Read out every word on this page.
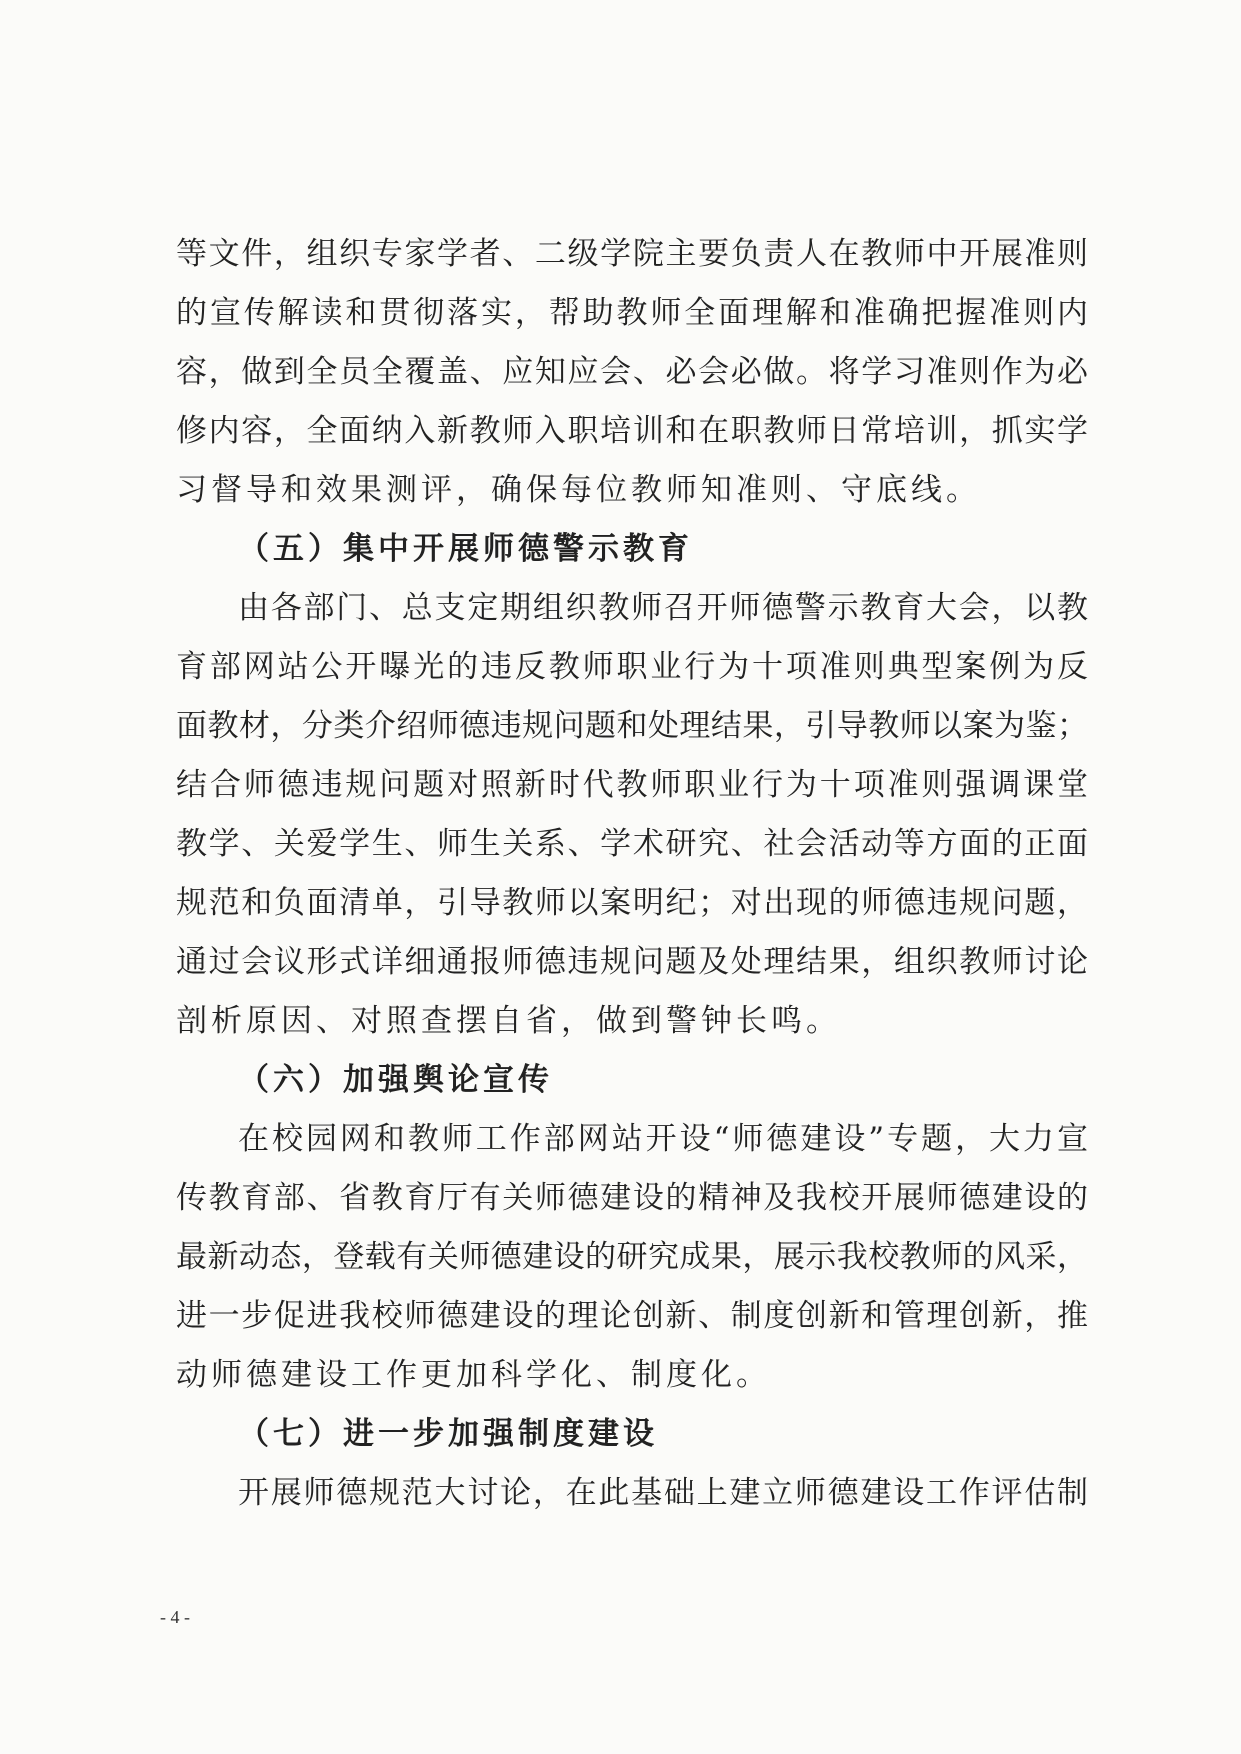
等文件，组织专家学者、二级学院主要负责人在教师中开展准则
的宣传解读和贯彻落实，帮助教师全面理解和准确把握准则内
容，做到全员全覆盖、应知应会、必会必做。将学习准则作为必
修内容，全面纳入新教师入职培训和在职教师日常培训，抓实学
习督导和效果测评，确保每位教师知准则、守底线。
（五）集中开展师德警示教育
由各部门、总支定期组织教师召开师德警示教育大会，以教
育部网站公开曝光的违反教师职业行为十项准则典型案例为反
面教材，分类介绍师德违规问题和处理结果，引导教师以案为鉴；
结合师德违规问题对照新时代教师职业行为十项准则强调课堂
教学、关爱学生、师生关系、学术研究、社会活动等方面的正面
规范和负面清单，引导教师以案明纪；对出现的师德违规问题，
通过会议形式详细通报师德违规问题及处理结果，组织教师讨论
剖析原因、对照查摆自省，做到警钟长鸣。
（六）加强舆论宣传
在校园网和教师工作部网站开设“师德建设”专题，大力宣
传教育部、省教育厅有关师德建设的精神及我校开展师德建设的
最新动态，登载有关师德建设的研究成果，展示我校教师的风采，
进一步促进我校师德建设的理论创新、制度创新和管理创新，推
动师德建设工作更加科学化、制度化。
（七）进一步加强制度建设
开展师德规范大讨论，在此基础上建立师德建设工作评估制
- 4 -
